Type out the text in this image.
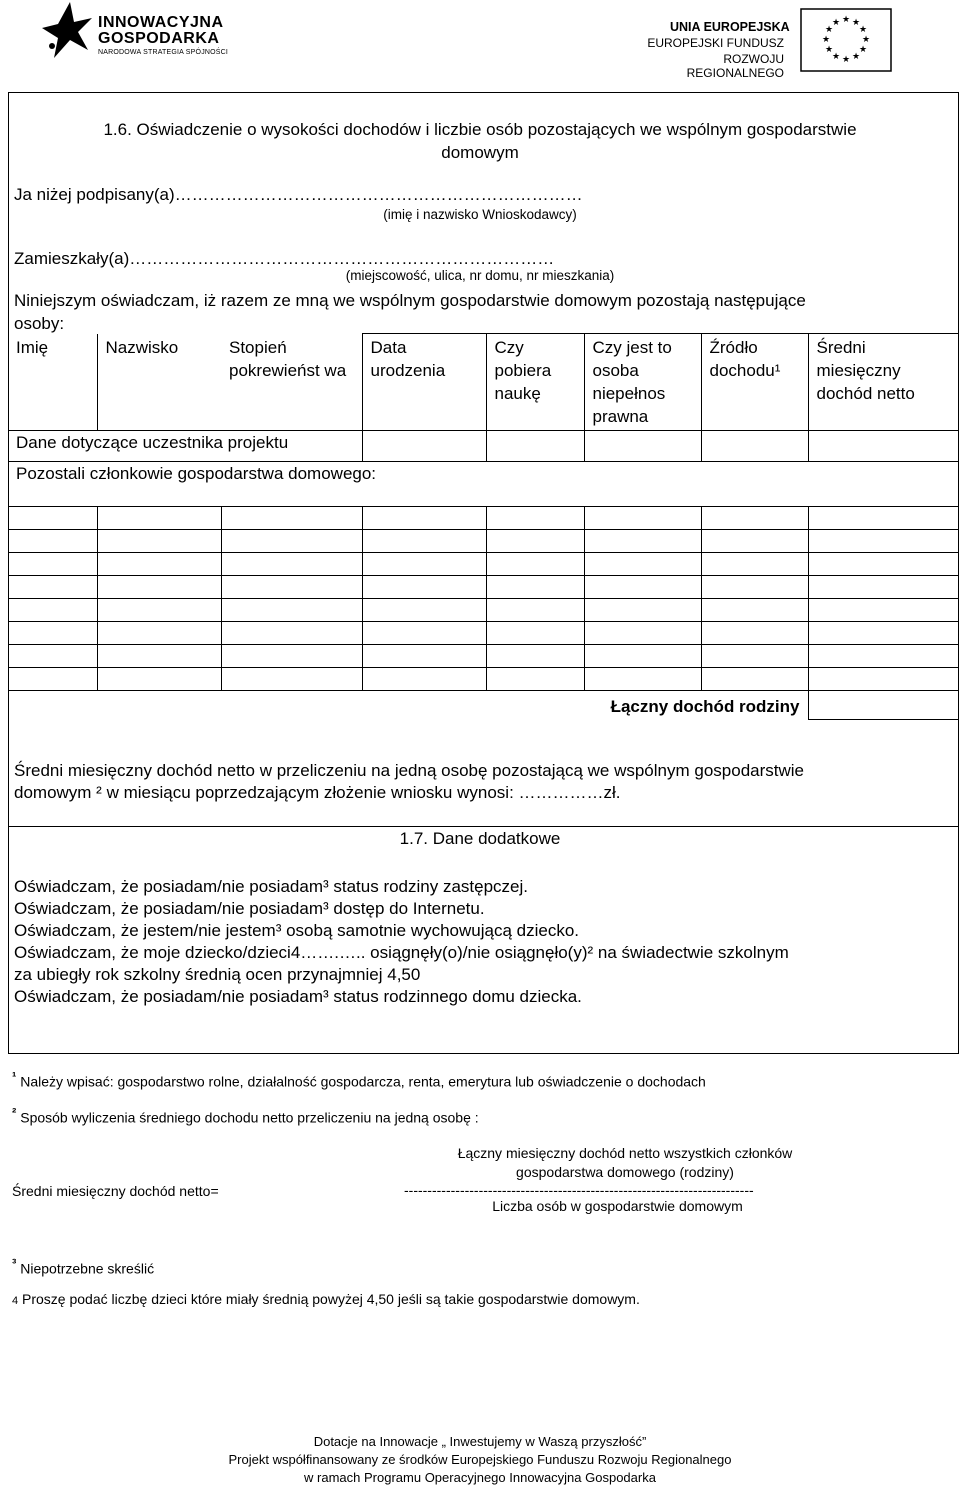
INNOWACYJNA
GOSPODARKA
NARODOWA STRATEGIA SPÓJNOŚCI
UNIA EUROPEJSKA
EUROPEJSKI FUNDUSZ
ROZWOJU REGIONALNEGO
★ ★
★
★
★
★
★
★
★
★
★
★
1.6. Oświadczenie o wysokości dochodów i liczbie osób pozostających we wspólnym gospodarstwie
domowym
Ja niżej podpisany(a)………………………………………………………………
(imię i nazwisko Wnioskodawcy)
Zamieszkały(a)…………………………………………………………………
(miejscowość, ulica, nr domu, nr mieszkania)
Niniejszym oświadczam, iż razem ze mną we wspólnym gospodarstwie domowym pozostają następujące
osoby:
Imię	Nazwisko	Stopień pokrewieńst wa	Data urodzenia	Czy pobiera naukę	Czy jest to osoba niepełnos prawna	Źródło dochodu¹	Średni miesięczny dochód netto
Dane dotyczące uczestnika projektu							
Pozostali członkowie gospodarstwa domowego:							

Łączny dochód rodziny							
Średni miesięczny dochód netto w przeliczeniu na jedną osobę pozostającą we wspólnym gospodarstwie
domowym ² w miesiącu poprzedzającym złożenie wniosku wynosi: ……………zł.
1.7. Dane dodatkowe
Oświadczam, że posiadam/nie posiadam³ status rodziny zastępczej.
Oświadczam, że posiadam/nie posiadam³ dostęp do Internetu.
Oświadczam, że jestem/nie jestem³ osobą samotnie wychowującą dziecko.
Oświadczam, że moje dziecko/dzieci4…….….. osiągnęły(o)/nie osiągnęło(y)² na świadectwie szkolnym
za ubiegły rok szkolny średnią ocen przynajmniej 4,50
Oświadczam, że posiadam/nie posiadam³ status rodzinnego domu dziecka.
$^{^1}$ Należy wpisać: gospodarstwo rolne, działalność gospodarcza, renta, emerytura lub oświadczenie o dochodach
$^{^2}$ Sposób wyliczenia średniego dochodu netto przeliczeniu na jedną osobę :
Łączny miesięczny dochód netto wszystkich członków
gospodarstwa domowego (rodziny)
Średni miesięczny dochód netto=	---------------------------------------------------------------------------
Liczba osób w gospodarstwie domowym
$^{^3}$ Niepotrzebne skreślić
4 Proszę podać liczbę dzieci które miały średnią powyżej 4,50 jeśli są takie gospodarstwie domowym.
Dotacje na Innowacje „ Inwestujemy w Waszą przyszłość”
Projekt współfinansowany ze środków Europejskiego Funduszu Rozwoju Regionalnego
w ramach Programu Operacyjnego Innowacyjna Gospodarka
